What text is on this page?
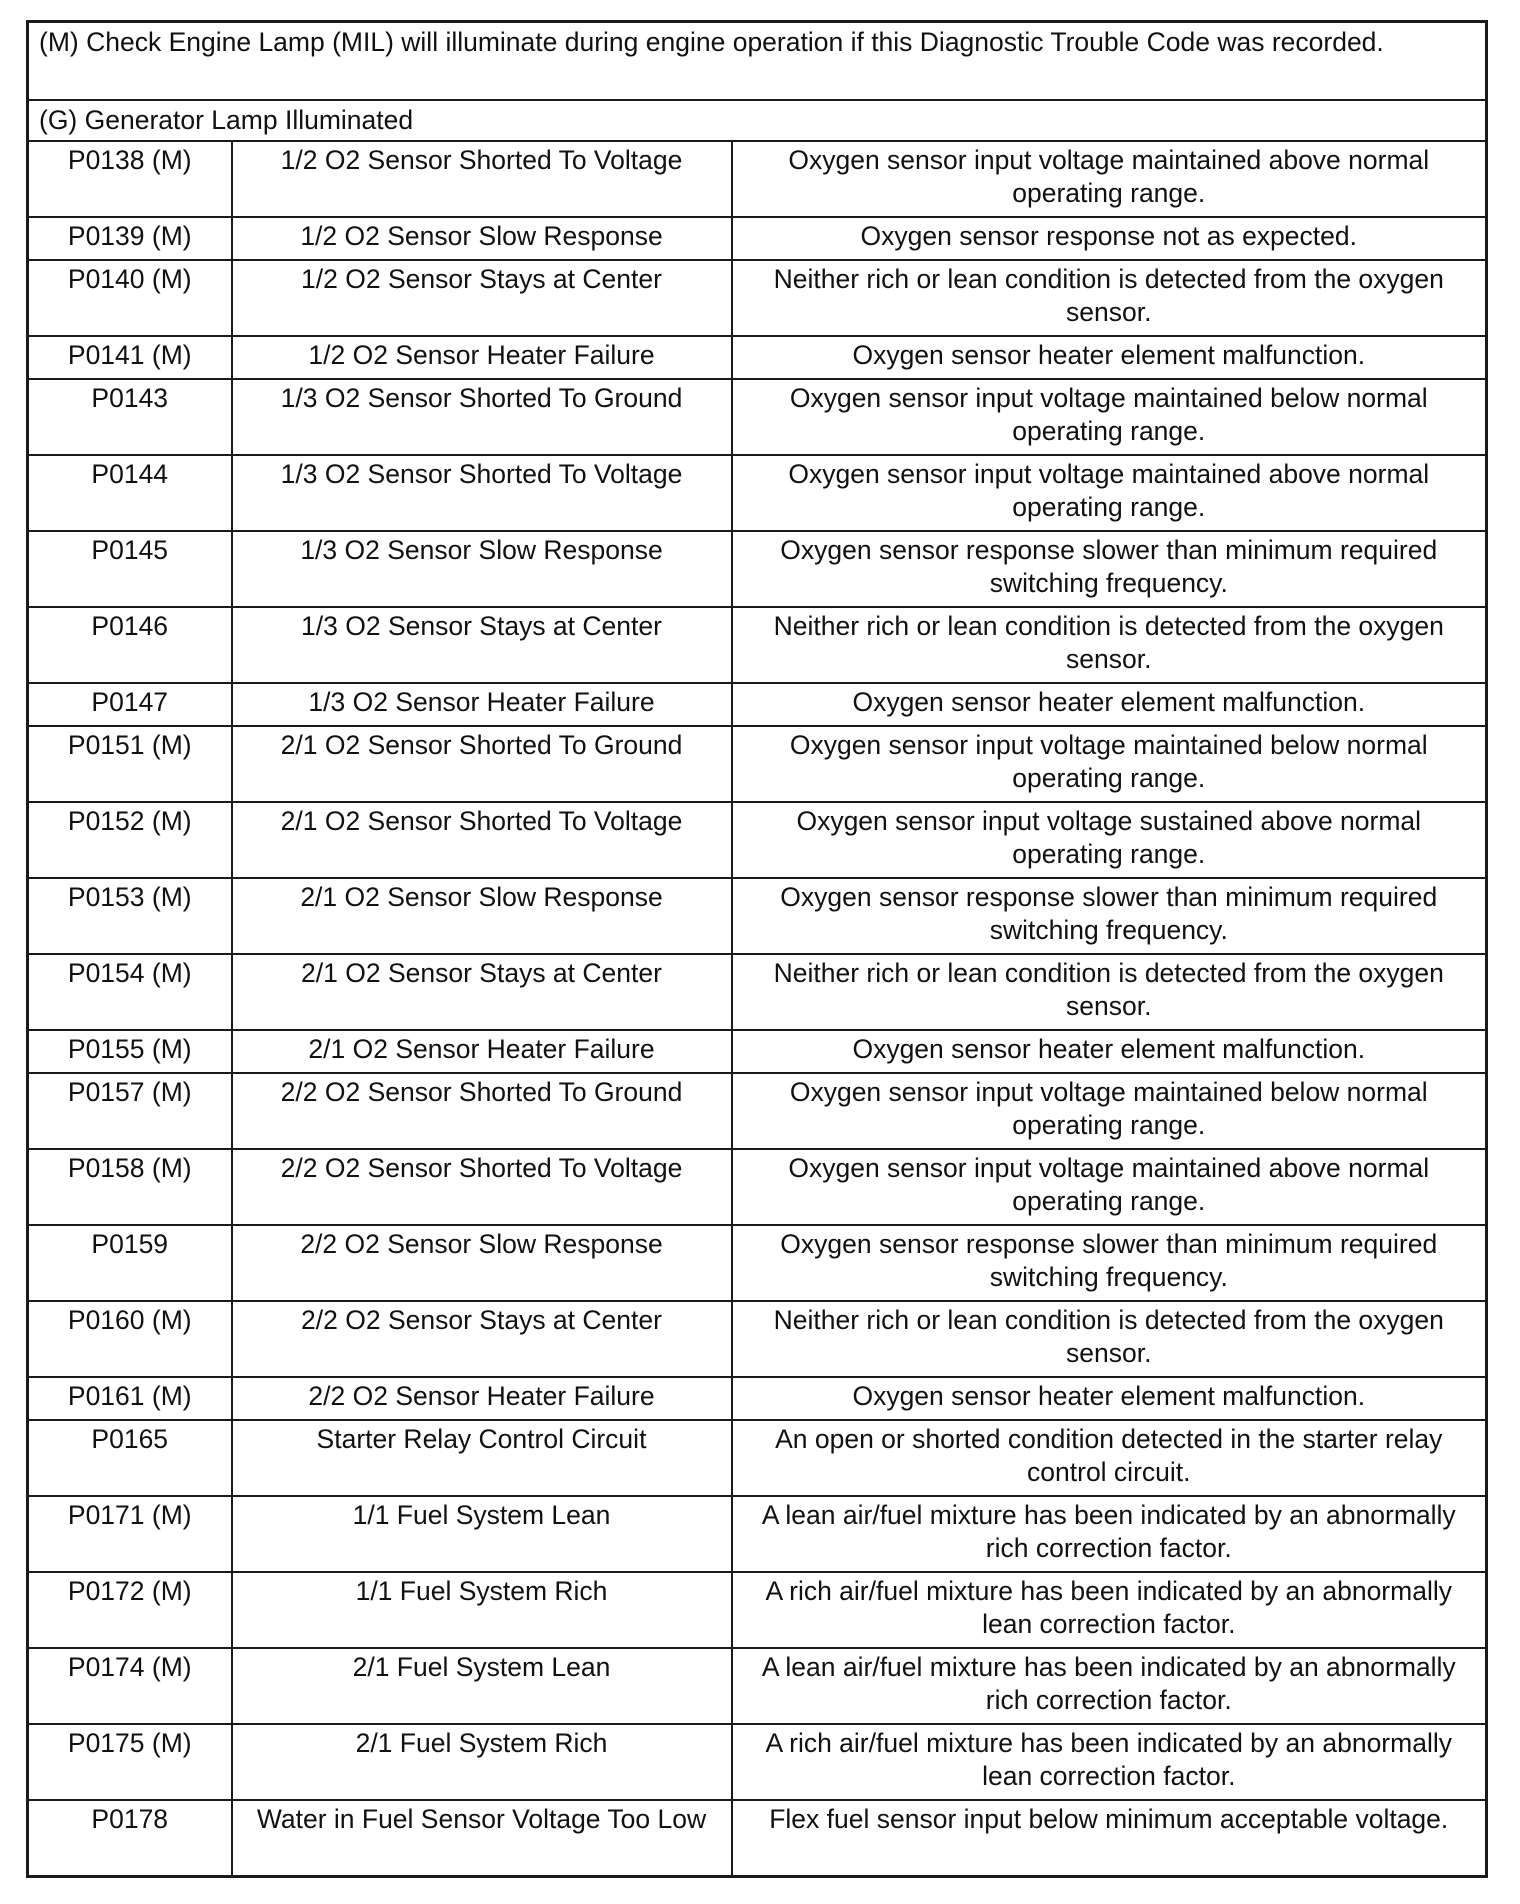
(M) Check Engine Lamp (MIL) will illuminate during engine operation if this Diagnostic Trouble Code was recorded.		
(G) Generator Lamp Illuminated		
P0138 (M)	1/2 O2 Sensor Shorted To Voltage	Oxygen sensor input voltage maintained above normal operating range.
P0139 (M)	1/2 O2 Sensor Slow Response	Oxygen sensor response not as expected.
P0140 (M)	1/2 O2 Sensor Stays at Center	Neither rich or lean condition is detected from the oxygen sensor.
P0141 (M)	1/2 O2 Sensor Heater Failure	Oxygen sensor heater element malfunction.
P0143	1/3 O2 Sensor Shorted To Ground	Oxygen sensor input voltage maintained below normal operating range.
P0144	1/3 O2 Sensor Shorted To Voltage	Oxygen sensor input voltage maintained above normal operating range.
P0145	1/3 O2 Sensor Slow Response	Oxygen sensor response slower than minimum required switching frequency.
P0146	1/3 O2 Sensor Stays at Center	Neither rich or lean condition is detected from the oxygen sensor.
P0147	1/3 O2 Sensor Heater Failure	Oxygen sensor heater element malfunction.
P0151 (M)	2/1 O2 Sensor Shorted To Ground	Oxygen sensor input voltage maintained below normal operating range.
P0152 (M)	2/1 O2 Sensor Shorted To Voltage	Oxygen sensor input voltage sustained above normal operating range.
P0153 (M)	2/1 O2 Sensor Slow Response	Oxygen sensor response slower than minimum required switching frequency.
P0154 (M)	2/1 O2 Sensor Stays at Center	Neither rich or lean condition is detected from the oxygen sensor.
P0155 (M)	2/1 O2 Sensor Heater Failure	Oxygen sensor heater element malfunction.
P0157 (M)	2/2 O2 Sensor Shorted To Ground	Oxygen sensor input voltage maintained below normal operating range.
P0158 (M)	2/2 O2 Sensor Shorted To Voltage	Oxygen sensor input voltage maintained above normal operating range.
P0159	2/2 O2 Sensor Slow Response	Oxygen sensor response slower than minimum required switching frequency.
P0160 (M)	2/2 O2 Sensor Stays at Center	Neither rich or lean condition is detected from the oxygen sensor.
P0161 (M)	2/2 O2 Sensor Heater Failure	Oxygen sensor heater element malfunction.
P0165	Starter Relay Control Circuit	An open or shorted condition detected in the starter relay control circuit.
P0171 (M)	1/1 Fuel System Lean	A lean air/fuel mixture has been indicated by an abnormally rich correction factor.
P0172 (M)	1/1 Fuel System Rich	A rich air/fuel mixture has been indicated by an abnormally lean correction factor.
P0174 (M)	2/1 Fuel System Lean	A lean air/fuel mixture has been indicated by an abnormally rich correction factor.
P0175 (M)	2/1 Fuel System Rich	A rich air/fuel mixture has been indicated by an abnormally lean correction factor.
P0178	Water in Fuel Sensor Voltage Too Low	Flex fuel sensor input below minimum acceptable voltage.
